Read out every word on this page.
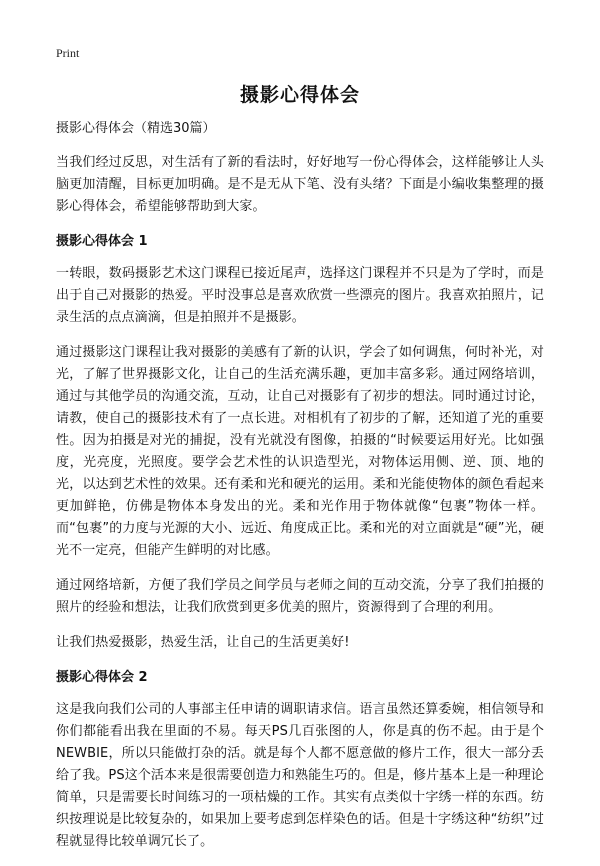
Print
摄影心得体会

摄影心得体会（精选30篇）

当我们经过反思，对生活有了新的看法时，好好地写一份心得体会，这样能够让人头脑更加清醒，目标更加明确。是不是无从下笔、没有头绪？下面是小编收集整理的摄影心得体会，希望能够帮助到大家。

摄影心得体会 1

一转眼，数码摄影艺术这门课程已接近尾声，选择这门课程并不只是为了学时，而是出于自己对摄影的热爱。平时没事总是喜欢欣赏一些漂亮的图片。我喜欢拍照片，记录生活的点点滴滴，但是拍照并不是摄影。

通过摄影这门课程让我对摄影的美感有了新的认识，学会了如何调焦，何时补光，对光，了解了世界摄影文化，让自己的生活充满乐趣，更加丰富多彩。通过网络培训，通过与其他学员的沟通交流，互动，让自己对摄影有了初步的想法。同时通过讨论，请教，使自己的摄影技术有了一点长进。对相机有了初步的了解，还知道了光的重要性。因为拍摄是对光的捕捉，没有光就没有图像，拍摄的“时候要运用好光。比如强度，光亮度，光照度。要学会艺术性的认识造型光，对物体运用侧、逆、顶、地的光，以达到艺术性的效果。还有柔和光和硬光的运用。柔和光能使物体的颜色看起来更加鲜艳，仿佛是物体本身发出的光。柔和光作用于物体就像“包裹”物体一样。而“包裹”的力度与光源的大小、远近、角度成正比。柔和光的对立面就是“硬”光，硬光不一定亮，但能产生鲜明的对比感。

通过网络培新，方便了我们学员之间学员与老师之间的互动交流，分享了我们拍摄的照片的经验和想法，让我们欣赏到更多优美的照片，资源得到了合理的利用。

让我们热爱摄影，热爱生活，让自己的生活更美好!

摄影心得体会 2

这是我向我们公司的人事部主任申请的调职请求信。语言虽然还算委婉，相信领导和你们都能看出我在里面的不易。每天PS几百张图的人，你是真的伤不起。由于是个NEWBIE，所以只能做打杂的活。就是每个人都不愿意做的修片工作，很大一部分丢给了我。PS这个活本来是很需要创造力和熟能生巧的。但是，修片基本上是一种理论简单，只是需要长时间练习的一项枯燥的工作。其实有点类似十字绣一样的东西。纺织按理说是比较复杂的，如果加上要考虑到怎样染色的话。但是十字绣这种“纺织”过程就显得比较单调冗长了。
